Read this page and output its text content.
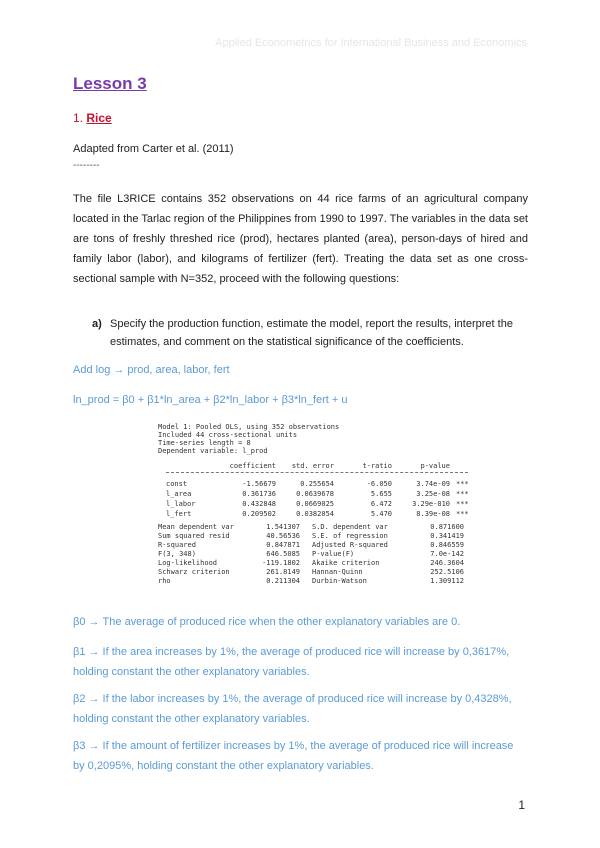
Applied Econometrics for International Business and Economics
Lesson 3
1. Rice
Adapted from Carter et al. (2011)
--------
The file L3RICE contains 352 observations on 44 rice farms of an agricultural company located in the Tarlac region of the Philippines from 1990 to 1997. The variables in the data set are tons of freshly threshed rice (prod), hectares planted (area), person-days of hired and family labor (labor), and kilograms of fertilizer (fert). Treating the data set as one cross-sectional sample with N=352, proceed with the following questions:
a) Specify the production function, estimate the model, report the results, interpret the estimates, and comment on the statistical significance of the coefficients.
Add log → prod, area, labor, fert
ln_prod = β0 + β1*ln_area + β2*ln_labor + β3*ln_fert + u
Model 1: Pooled OLS, using 352 observations
Included 44 cross-sectional units
Time-series length = 8
Dependent variable: l_prod
coefficient	std. error	t-ratio	p-value
const	-1.56679	0.255654	-6.050	3.74e-09 ***
l_area	0.361736	0.0639678	5.655	3.25e-08 ***
l_labor	0.432848	0.0669025	6.472	3.29e-010 ***
l_fert	0.209502	0.0382054	5.470	8.39e-08 ***
Mean dependent var	1.541307	S.D. dependent var	0.871600
Sum squared resid	40.56536	S.E. of regression	0.341419
R-squared	0.847871	Adjusted R-squared	0.846559
F(3, 348)	646.5085	P-value(F)	7.0e-142
Log-likelihood	-119.1802	Akaike criterion	246.3604
Schwarz criterion	261.8149	Hannan-Quinn	252.5106
rho	0.211304	Durbin-Watson	1.309112
β0 → The average of produced rice when the other explanatory variables are 0.
β1 → If the area increases by 1%, the average of produced rice will increase by 0,3617%, holding constant the other explanatory variables.
β2 → If the labor increases by 1%, the average of produced rice will increase by 0,4328%, holding constant the other explanatory variables.
β3 → If the amount of fertilizer increases by 1%, the average of produced rice will increase by 0,2095%, holding constant the other explanatory variables.
1
